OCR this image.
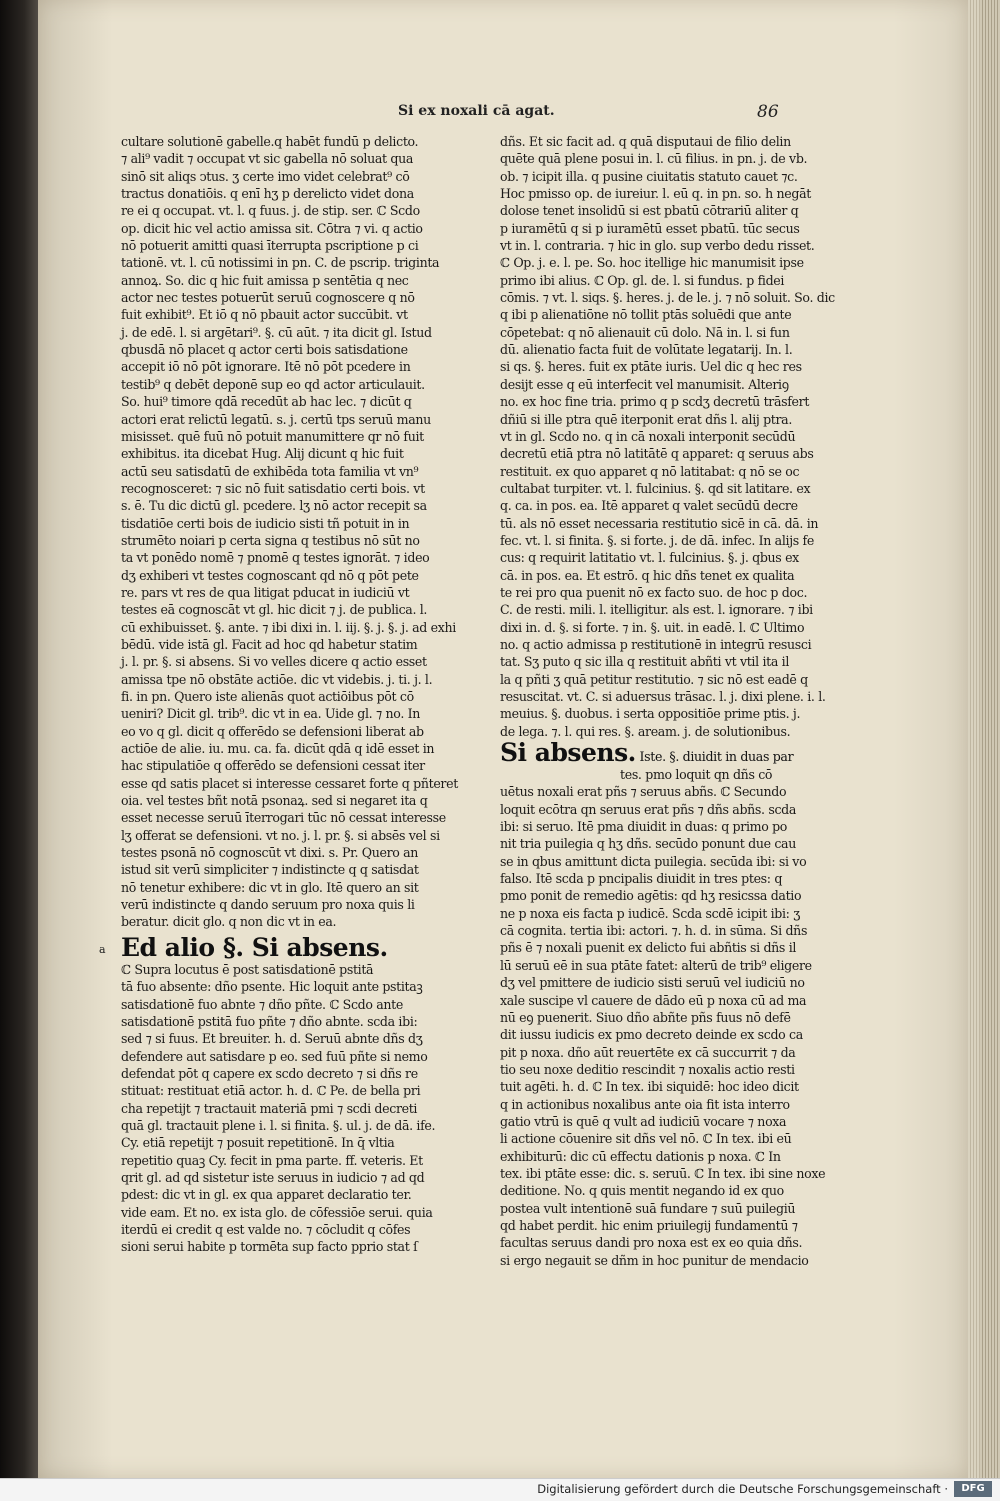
Si ex noxali cā agat.	86
cultare solutionē gabelle.q habēt fundū p delicto.
⁊ ali⁹ vadit ⁊ occupat vt sic gabella nō soluat qua
sinō sit aliqs ↄtus. ʒ certe imo videt celebrat⁹ cō
tractus donatiōis. q enī hʒ p derelicto videt dona
re ei q occupat. vt. l. q fuus. j. de stip. ser. ℂ Scdo
op. dicit hic vel actio amissa sit. Cōtra ⁊ vi. q actio
nō potuerit amitti quasi īterrupta pscriptione p ci
tationē. vt. l. cū notissimi in pn. C. de pscrip. triginta
annoꝝ. So. dic q hic fuit amissa p sentētia q nec
actor nec testes potuerūt seruū cognoscere q nō
fuit exhibit⁹. Et iō q nō pbauit actor succūbit. vt
j. de edē. l. si argētari⁹. §. cū aūt. ⁊ ita dicit gl. Istud
qbusdā nō placet q actor certi bois satisdatione
accepit iō nō pōt ignorare. Itē nō pōt pcedere in
testib⁹ q debēt deponē sup eo qd actor articulauit.
So. hui⁹ timore qdā recedūt ab hac lec. ⁊ dicūt q
actori erat relictū legatū. s. j. certū tps seruū manu
misisset. quē fuū nō potuit manumittere qr nō fuit
exhibitus. ita dicebat Hug. Alij dicunt q hic fuit
actū seu satisdatū de exhibēda tota familia vt vn⁹
recognosceret: ⁊ sic nō fuit satisdatio certi bois. vt
s. ē. Tu dic dictū gl. pcedere. lʒ nō actor recepit sa
tisdatiōe certi bois de iudicio sisti tñ potuit in in
strumēto noiari p certa signa q testibus nō sūt no
ta vt ponēdo nomē ⁊ pnomē q testes ignorāt. ⁊ ideo
dʒ exhiberi vt testes cognoscant qd nō q pōt pete
re. pars vt res de qua litigat pducat in iudiciū vt
testes eā cognoscāt vt gl. hic dicit ⁊ j. de publica. l.
cū exhibuisset. §. ante. ⁊ ibi dixi in. l. iij. §. j. §. j. ad exhi
bēdū. vide istā gl. Facit ad hoc qd habetur statim
j. l. pr. §. si absens. Si vo velles dicere q actio esset
amissa tpe nō obstāte actiōe. dic vt videbis. j. ti. j. l.
fi. in pn. Quero iste alienās quot actiōibus pōt cō
ueniri? Dicit gl. trib⁹. dic vt in ea. Uide gl. ⁊ no. In
eo vo q gl. dicit q offerēdo se defensioni liberat ab
actiōe de alie. iu. mu. ca. fa. dicūt qdā q idē esset in
hac stipulatiōe q offerēdo se defensioni cessat iter
esse qd satis placet si interesse cessaret forte q pñteret
oia. vel testes bñt notā psonaꝝ. sed si negaret ita q
esset necesse seruū īterrogari tūc nō cessat interesse
lʒ offerat se defensioni. vt no. j. l. pr. §. si absēs vel si
testes psonā nō cognoscūt vt dixi. s. Pr. Quero an
istud sit verū simpliciter ⁊ indistincte q q satisdat
nō tenetur exhibere: dic vt in glo. Itē quero an sit
verū indistincte q dando seruum pro noxa quis li
beratur. dicit glo. q non dic vt in ea.
a Ed alio §. Si absens.
ℂ Supra locutus ē post satisdationē pstitā
tā fuo absente: dño psente. Hic loquit ante pstitaꝫ
satisdationē fuo abnte ⁊ dño pñte. ℂ Scdo ante
satisdationē pstitā fuo pñte ⁊ dño abnte. scda ibi:
sed ⁊ si fuus. Et breuiter. h. d. Seruū abnte dñs dʒ
defendere aut satisdare p eo. sed fuū pñte si nemo
defendat pōt q capere ex scdo decreto ⁊ si dñs re
stituat: restituat etiā actor. h. d. ℂ Pe. de bella pri
cha repetijt ⁊ tractauit materiā pmi ⁊ scdi decreti
quā gl. tractauit plene i. l. si finita. §. ul. j. de dā. ife.
Cy. etiā repetijt ⁊ posuit repetitionē. In q̄ vltia
repetitio quaꝫ Cy. fecit in pma parte. ff. veteris. Et
qrit gl. ad qd sistetur iste seruus in iudicio ⁊ ad qd
pdest: dic vt in gl. ex qua apparet declaratio ter.
vide eam. Et no. ex ista glo. de cōfessiōe serui. quia
iterdū ei credit q est valde no. ⁊ cōcludit q cōfes
sioni serui habite p tormēta sup facto pprio stat ſ
dñs. Et sic facit ad. q quā disputaui de filio delin
quēte quā plene posui in. l. cū filius. in pn. j. de vb.
ob. ⁊ icipit illa. q pusine ciuitatis statuto cauet ⁊c.
Hoc pmisso op. de iureiur. l. eū q. in pn. so. h negāt
dolose tenet insolidū si est pbatū cōtrariū aliter q
p iuramētū q si p iuramētū esset pbatū. tūc secus
vt in. l. contraria. ⁊ hic in glo. sup verbo dedu risset.
ℂ Op. j. e. l. pe. So. hoc itellige hic manumisit ipse
primo ibi alius. ℂ Op. gl. de. l. si fundus. p fidei
cōmis. ⁊ vt. l. siqs. §. heres. j. de le. j. ⁊ nō soluit. So. dic
q ibi p alienatiōne nō tollit ptās soluēdi que ante
cōpetebat: q nō alienauit cū dolo. Nā in. l. si fun
dū. alienatio facta fuit de volūtate legatarij. In. l.
si qs. §. heres. fuit ex ptāte iuris. Uel dic q hec res
desijt esse q eū interfecit vel manumisit. Alteriꝯ
no. ex hoc fine tria. primo q p scdʒ decretū trāsfert
dñiū si ille ptra quē iterponit erat dñs l. alij ptra.
vt in gl. Scdo no. q in cā noxali interponit secūdū
decretū etiā ptra nō latitātē q apparet: q seruus abs
restituit. ex quo apparet q nō latitabat: q nō se oc
cultabat turpiter. vt. l. fulcinius. §. qd sit latitare. ex
q. ca. in pos. ea. Itē apparet q valet secūdū decre
tū. als nō esset necessaria restitutio sicē in cā. dā. in
fec. vt. l. si finita. §. si forte. j. de dā. infec. In alijs fe
cus: q requirit latitatio vt. l. fulcinius. §. j. qbus ex
cā. in pos. ea. Et estrō. q hic dñs tenet ex qualita
te rei pro qua puenit nō ex facto suo. de hoc p doc.
C. de resti. mili. l. itelligitur. als est. l. ignorare. ⁊ ibi
dixi in. d. §. si forte. ⁊ in. §. uit. in eadē. l. ℂ Ultimo
no. q actio admissa p restitutionē in integrū resusci
tat. Sʒ puto q sic illa q restituit abñti vt vtil ita il
la q pñti ʒ quā petitur restitutio. ⁊ sic nō est eadē q
resuscitat. vt. C. si aduersus trāsac. l. j. dixi plene. i. l.
meuius. §. duobus. i serta oppositiōe prime ptis. j.
de lega. ⁊. l. qui res. §. aream. j. de solutionibus.
Si absens. Iste. §. diuidit in duas par
tes. pmo loquit qn dñs cō
uētus noxali erat pñs ⁊ seruus abñs. ℂ Secundo
loquit ecōtra qn seruus erat pñs ⁊ dñs abñs. scda
ibi: si seruo. Itē pma diuidit in duas: q primo po
nit tria puilegia q hʒ dñs. secūdo ponunt due cau
se in qbus amittunt dicta puilegia. secūda ibi: si vo
falso. Itē scda p pncipalis diuidit in tres ptes: q
pmo ponit de remedio agētis: qd hʒ resicssa datio
ne p noxa eis facta p iudicē. Scda scdē icipit ibi: ʒ
cā cognita. tertia ibi: actori. ⁊. h. d. in sūma. Si dñs
pñs ē ⁊ noxali puenit ex delicto fui abñtis si dñs il
lū seruū eē in sua ptāte fatet: alterū de trib⁹ eligere
dʒ vel pmittere de iudicio sisti seruū vel iudiciū no
xale suscipe vl cauere de dādo eū p noxa cū ad ma
nū eꝯ puenerit. Siuo dño abñte pñs fuus nō defē
dit iussu iudicis ex pmo decreto deinde ex scdo ca
pit p noxa. dño aūt reuertēte ex cā succurrit ⁊ da
tio seu noxe deditio rescindit ⁊ noxalis actio resti
tuit agēti. h. d. ℂ In tex. ibi siquidē: hoc ideo dicit
q in actionibus noxalibus ante oia fit ista interro
gatio vtrū is quē q vult ad iudiciū vocare ⁊ noxa
li actione cōuenire sit dñs vel nō. ℂ In tex. ibi eū
exhibiturū: dic cū effectu dationis p noxa. ℂ In
tex. ibi ptāte esse: dic. s. seruū. ℂ In tex. ibi sine noxe
deditione. No. q quis mentit negando id ex quo
postea vult intentionē suā fundare ⁊ suū puilegiū
qd habet perdit. hic enim priuilegij fundamentū ⁊
facultas seruus dandi pro noxa est ex eo quia dñs.
si ergo negauit se dñm in hoc punitur de mendacio
Digitalisierung gefördert durch die Deutsche Forschungsgemeinschaft ·	DFG
